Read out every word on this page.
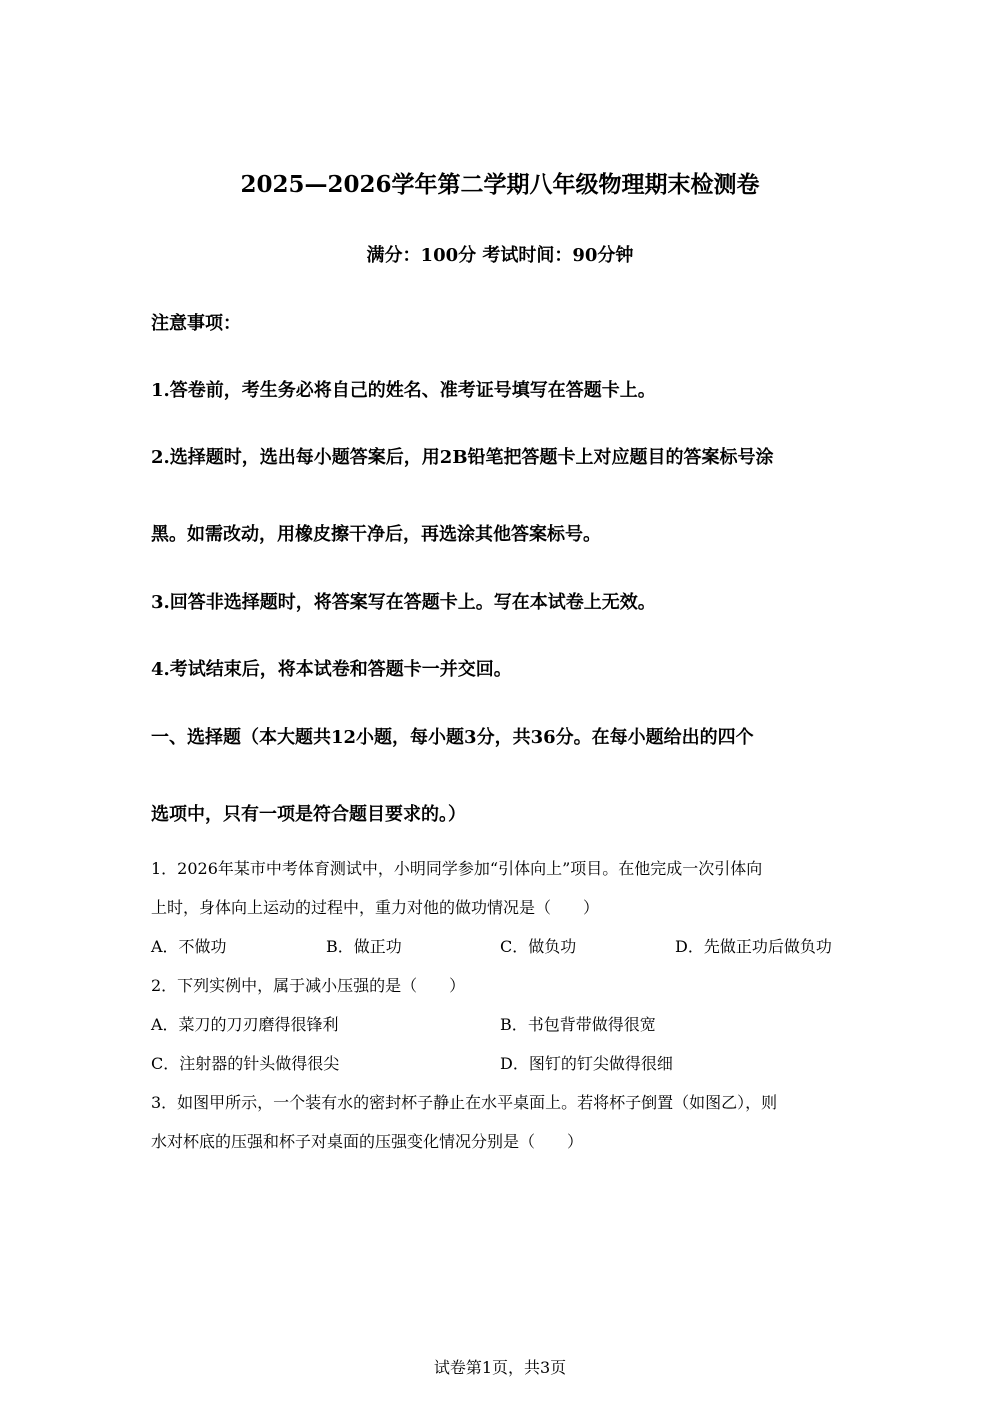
2025—2026学年第二学期八年级物理期末检测卷
满分：100分 考试时间：90分钟
注意事项：
1.答卷前，考生务必将自己的姓名、准考证号填写在答题卡上。
2.选择题时，选出每小题答案后，用2B铅笔把答题卡上对应题目的答案标号涂
黑。如需改动，用橡皮擦干净后，再选涂其他答案标号。
3.回答非选择题时，将答案写在答题卡上。写在本试卷上无效。
4.考试结束后，将本试卷和答题卡一并交回。
一、选择题（本大题共12小题，每小题3分，共36分。在每小题给出的四个
选项中，只有一项是符合题目要求的。）
1．2026年某市中考体育测试中，小明同学参加“引体向上”项目。在他完成一次引体向
上时，身体向上运动的过程中，重力对他的做功情况是（　　）
A．不做功	B．做正功	C．做负功	D．先做正功后做负功
2．下列实例中，属于减小压强的是（　　）
A．菜刀的刀刃磨得很锋利	B．书包背带做得很宽
C．注射器的针头做得很尖	D．图钉的钉尖做得很细
3．如图甲所示，一个装有水的密封杯子静止在水平桌面上。若将杯子倒置（如图乙），则
水对杯底的压强和杯子对桌面的压强变化情况分别是（　　）
试卷第1页，共3页
